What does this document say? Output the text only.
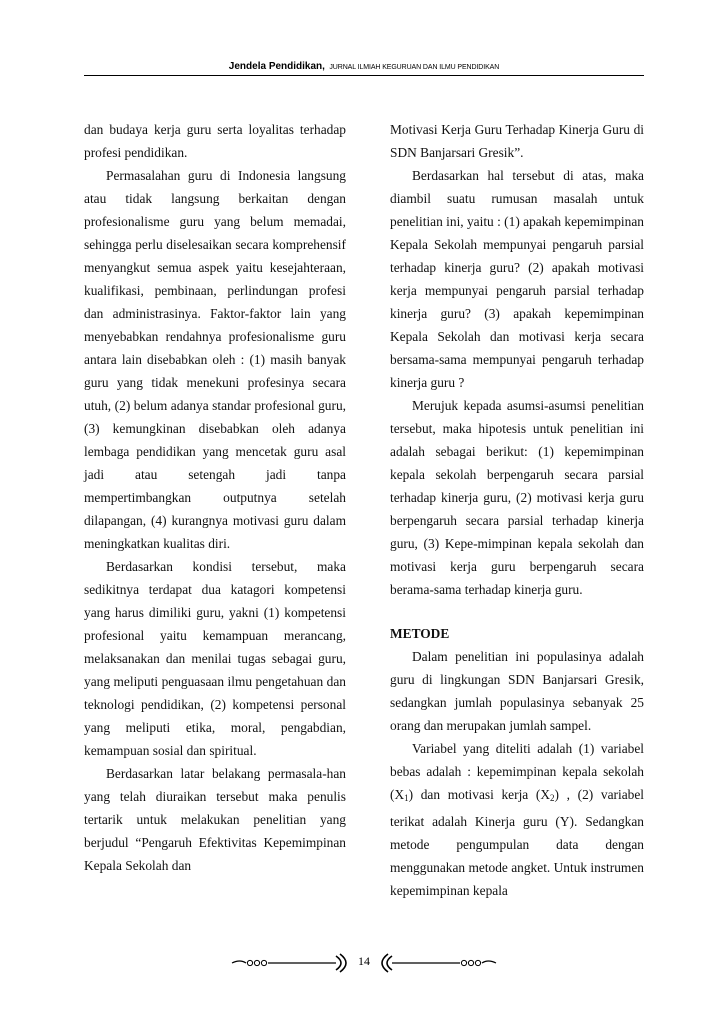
Jendela Pendidikan, JURNAL ILMIAH KEGURUAN DAN ILMU PENDIDIKAN

dan budaya kerja guru serta loyalitas terhadap profesi pendidikan.

Permasalahan guru di Indonesia langsung atau tidak langsung berkaitan dengan profesionalisme guru yang belum memadai, sehingga perlu diselesaikan secara komprehensif menyangkut semua aspek yaitu kesejahteraan, kualifikasi, pembinaan, perlindungan profesi dan administrasinya. Faktor-faktor lain yang menyebabkan rendahnya profesionalisme guru antara lain disebabkan oleh : (1) masih banyak guru yang tidak menekuni profesinya secara utuh, (2) belum adanya standar profesional guru, (3) kemungkinan disebabkan oleh adanya lembaga pendidikan yang mencetak guru asal jadi atau setengah jadi tanpa mempertimbangkan outputnya setelah dilapangan, (4) kurangnya motivasi guru dalam meningkatkan kualitas diri.

Berdasarkan kondisi tersebut, maka sedikitnya terdapat dua katagori kompetensi yang harus dimiliki guru, yakni (1) kompetensi profesional yaitu kemampuan merancang, melaksanakan dan menilai tugas sebagai guru, yang meliputi penguasaan ilmu pengetahuan dan teknologi pendidikan, (2) kompetensi personal yang meliputi etika, moral, pengabdian, kemampuan sosial dan spiritual.

Berdasarkan latar belakang permasala-han yang telah diuraikan tersebut maka penulis tertarik untuk melakukan penelitian yang berjudul “Pengaruh Efektivitas Kepemimpinan Kepala Sekolah dan

Motivasi Kerja Guru Terhadap Kinerja Guru di SDN Banjarsari Gresik”.

Berdasarkan hal tersebut di atas, maka diambil suatu rumusan masalah untuk penelitian ini, yaitu : (1) apakah kepemimpinan Kepala Sekolah mempunyai pengaruh parsial terhadap kinerja guru? (2) apakah motivasi kerja mempunyai pengaruh parsial terhadap kinerja guru? (3) apakah kepemimpinan Kepala Sekolah dan motivasi kerja secara bersama-sama mempunyai pengaruh terhadap kinerja guru ?

Merujuk kepada asumsi-asumsi penelitian tersebut, maka hipotesis untuk penelitian ini adalah sebagai berikut: (1) kepemimpinan kepala sekolah berpengaruh secara parsial terhadap kinerja guru, (2) motivasi kerja guru berpengaruh secara parsial terhadap kinerja guru, (3) Kepe-mimpinan kepala sekolah dan motivasi kerja guru berpengaruh secara berama-sama terhadap kinerja guru.

METODE

Dalam penelitian ini populasinya adalah guru di lingkungan SDN Banjarsari Gresik, sedangkan jumlah populasinya sebanyak 25 orang dan merupakan jumlah sampel.

Variabel yang diteliti adalah (1) variabel bebas adalah : kepemimpinan kepala sekolah $(X_1)$ dan motivasi kerja $(X_2)$ , (2) variabel terikat adalah Kinerja guru (Y). Sedangkan metode pengumpulan data dengan menggunakan metode angket. Untuk instrumen kepemimpinan kepala

14
